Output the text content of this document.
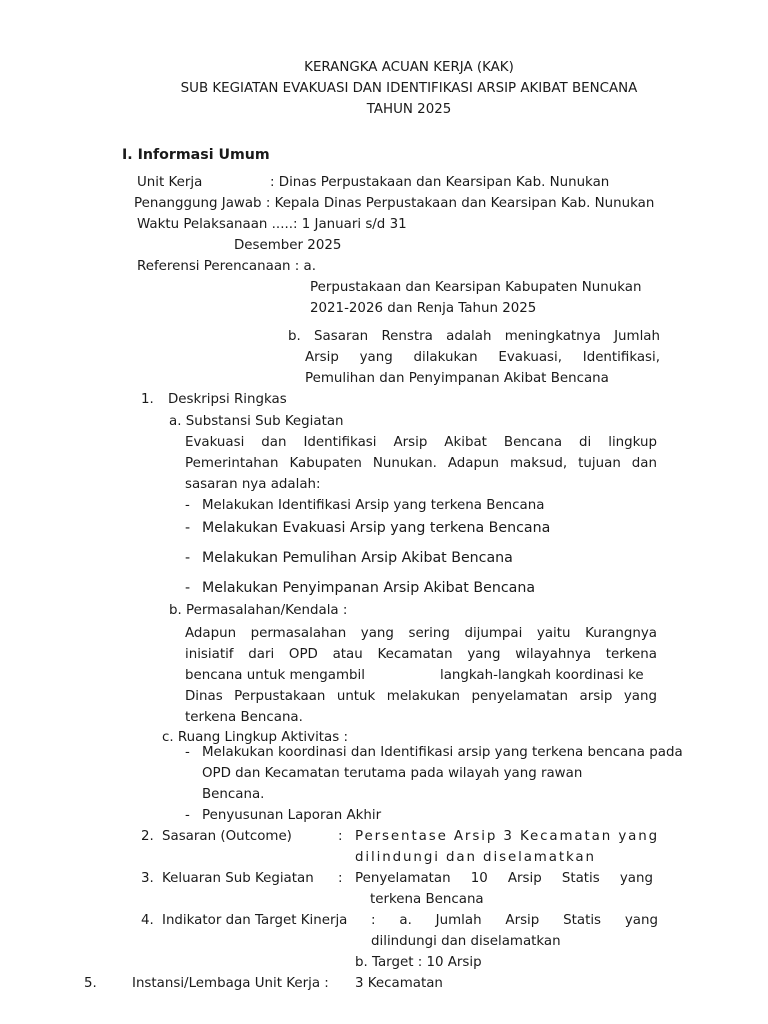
KERANGKA ACUAN KERJA (KAK)
SUB KEGIATAN EVAKUASI DAN IDENTIFIKASI ARSIP AKIBAT BENCANA
TAHUN 2025
I. Informasi Umum
Unit Kerja	: Dinas Perpustakaan dan Kearsipan Kab. Nunukan
Penanggung Jawab : Kepala Dinas Perpustakaan dan Kearsipan Kab. Nunukan
Waktu Pelaksanaan .....: 1 Januari s/d 31
Desember 2025
Referensi Perencanaan : a.
Perpustakaan dan Kearsipan Kabupaten Nunukan
2021-2026 dan Renja Tahun 2025
b. Sasaran Renstra adalah meningkatnya Jumlah
Arsip yang dilakukan Evakuasi, Identifikasi,
Pemulihan dan Penyimpanan Akibat Bencana
1. Deskripsi Ringkas
a. Substansi Sub Kegiatan
Evakuasi dan Identifikasi Arsip Akibat Bencana di lingkup
Pemerintahan Kabupaten Nunukan. Adapun maksud, tujuan dan
sasaran nya adalah:
- Melakukan Identifikasi Arsip yang terkena Bencana
- Melakukan Evakuasi Arsip yang terkena Bencana
- Melakukan Pemulihan Arsip Akibat Bencana
- Melakukan Penyimpanan Arsip Akibat Bencana
b. Permasalahan/Kendala :
Adapun permasalahan yang sering dijumpai yaitu Kurangnya
inisiatif dari OPD atau Kecamatan yang wilayahnya terkena
bencana untuk mengambil	langkah-langkah koordinasi ke
Dinas Perpustakaan untuk melakukan penyelamatan arsip yang
terkena Bencana.
c. Ruang Lingkup Aktivitas :
- Melakukan koordinasi dan Identifikasi arsip yang terkena bencana pada
OPD dan Kecamatan terutama pada wilayah yang rawan
Bencana.
- Penyusunan Laporan Akhir
2. Sasaran (Outcome)	: Persentase Arsip 3 Kecamatan yang
dilindungi dan diselamatkan
3. Keluaran Sub Kegiatan : Penyelamatan 10 Arsip Statis yang
terkena Bencana
4. Indikator dan Target Kinerja : a. Jumlah Arsip Statis yang
dilindungi dan diselamatkan
b. Target : 10 Arsip
5.	Instansi/Lembaga Unit Kerja : 3 Kecamatan
